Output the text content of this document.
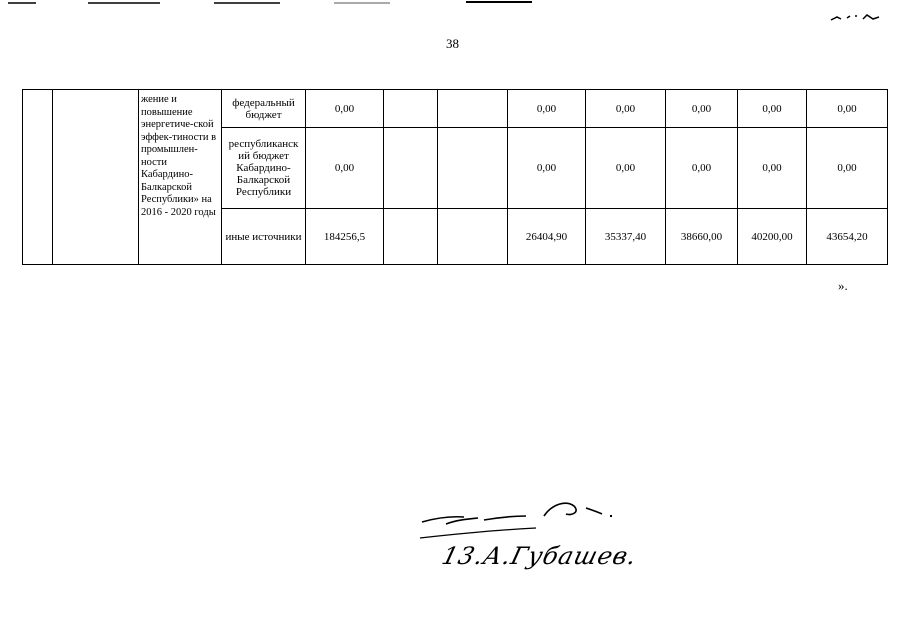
38
		жение и повышение энергетиче-ской эффек-тиности в промышлен-ности Кабардино-Балкарской Республики» на 2016 - 2020 годы	федеральный бюджет	0,00			0,00	0,00	0,00	0,00	0,00
			республиканск ий бюджет Кабардино-Балкарской Республики	0,00			0,00	0,00	0,00	0,00	0,00
			иные источники	184256,5			26404,90	35337,40	38660,00	40200,00	43654,20
».
13.А.Губашев.
